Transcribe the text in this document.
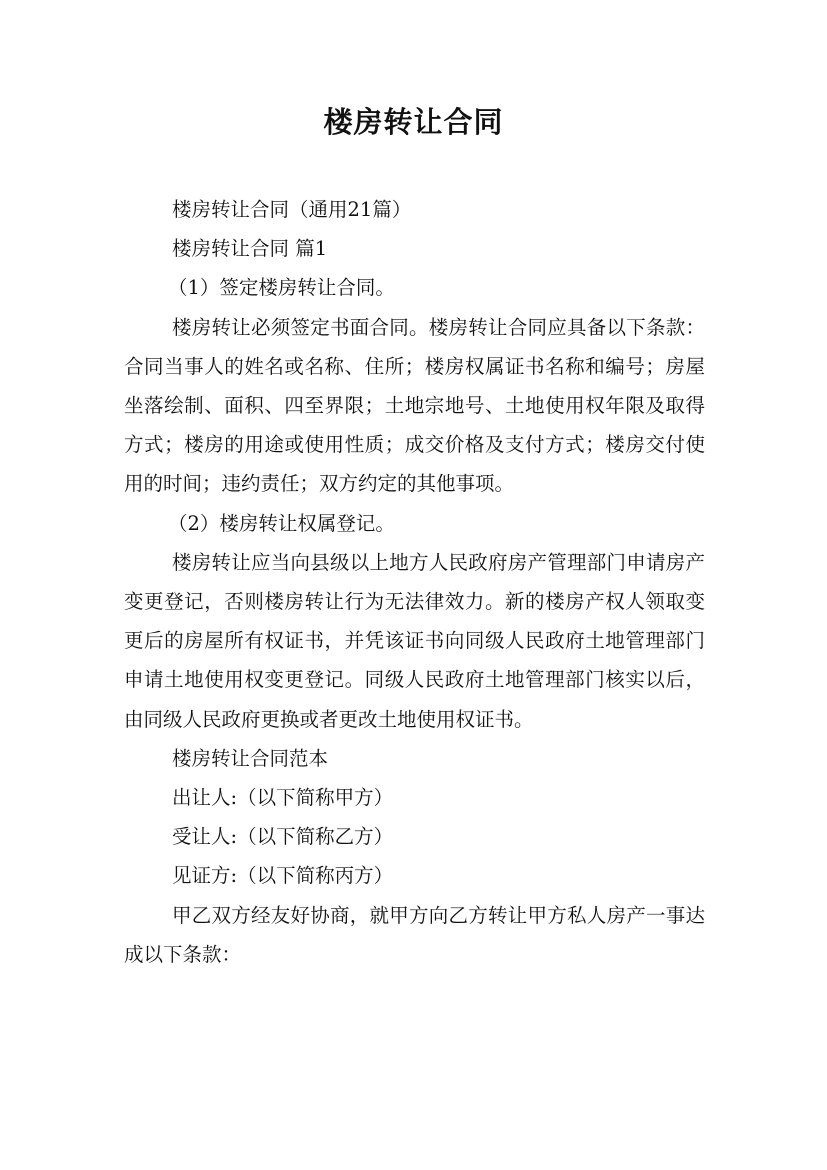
楼房转让合同

楼房转让合同（通用21篇）

楼房转让合同 篇1

（1）签定楼房转让合同。

楼房转让必须签定书面合同。楼房转让合同应具备以下条款：合同当事人的姓名或名称、住所；楼房权属证书名称和编号；房屋坐落绘制、面积、四至界限；土地宗地号、土地使用权年限及取得方式；楼房的用途或使用性质；成交价格及支付方式；楼房交付使用的时间；违约责任；双方约定的其他事项。

（2）楼房转让权属登记。

楼房转让应当向县级以上地方人民政府房产管理部门申请房产变更登记，否则楼房转让行为无法律效力。新的楼房产权人领取变更后的房屋所有权证书，并凭该证书向同级人民政府土地管理部门申请土地使用权变更登记。同级人民政府土地管理部门核实以后，由同级人民政府更换或者更改土地使用权证书。

楼房转让合同范本

出让人:（以下简称甲方）

受让人:（以下简称乙方）

见证方:（以下简称丙方）

甲乙双方经友好协商，就甲方向乙方转让甲方私人房产一事达成以下条款：
